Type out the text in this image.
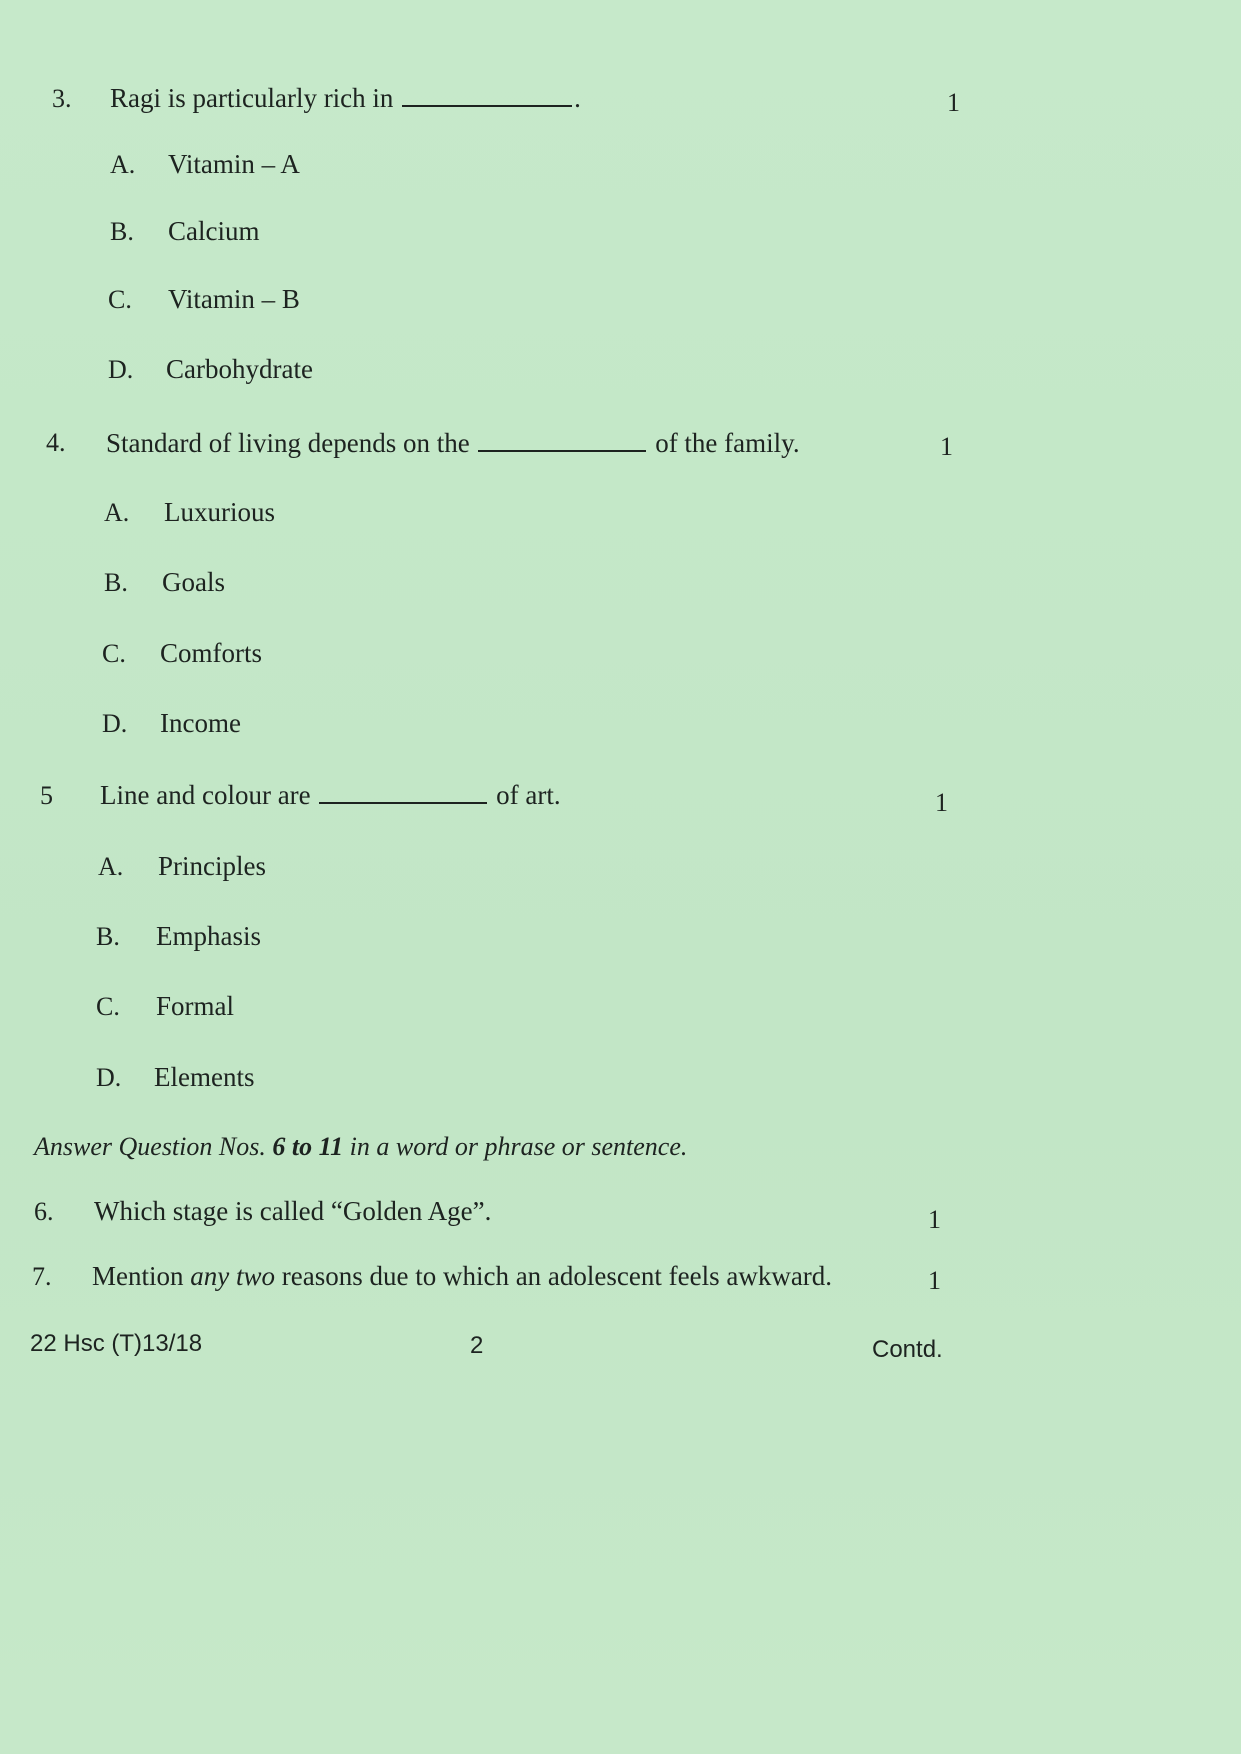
3. Ragi is particularly rich in	.	1
A. Vitamin – A
B. Calcium
C. Vitamin – B
D. Carbohydrate
4. Standard of living depends on the	of the family.	1
A. Luxurious
B. Goals
C. Comforts
D. Income
5 Line and colour are	of art.	1
A. Principles
B. Emphasis
C. Formal
D. Elements
Answer Question Nos. 6 to 11 in a word or phrase or sentence.
6. Which stage is called “Golden Age”.	1
7. Mention any two reasons due to which an adolescent feels awkward.	1
22 Hsc (T)13/18	2	Contd.
